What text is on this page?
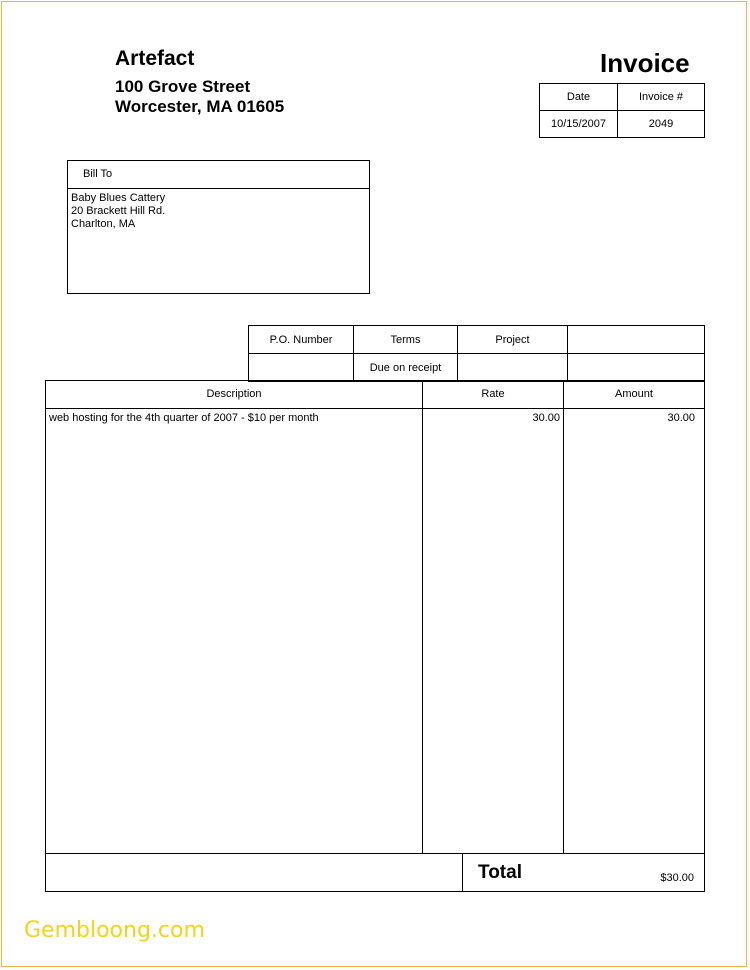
Artefact
100 Grove Street
Worcester, MA 01605
Invoice
Date	Invoice #
10/15/2007	2049
Bill To
Baby Blues Cattery
20 Brackett Hill Rd.
Charlton, MA
P.O. Number	Terms	Project	
	Due on receipt		
Description	Rate	Amount
web hosting for the 4th quarter of 2007 - $10 per month	30.00	30.00
Total	$30.00
Gembloong.com
